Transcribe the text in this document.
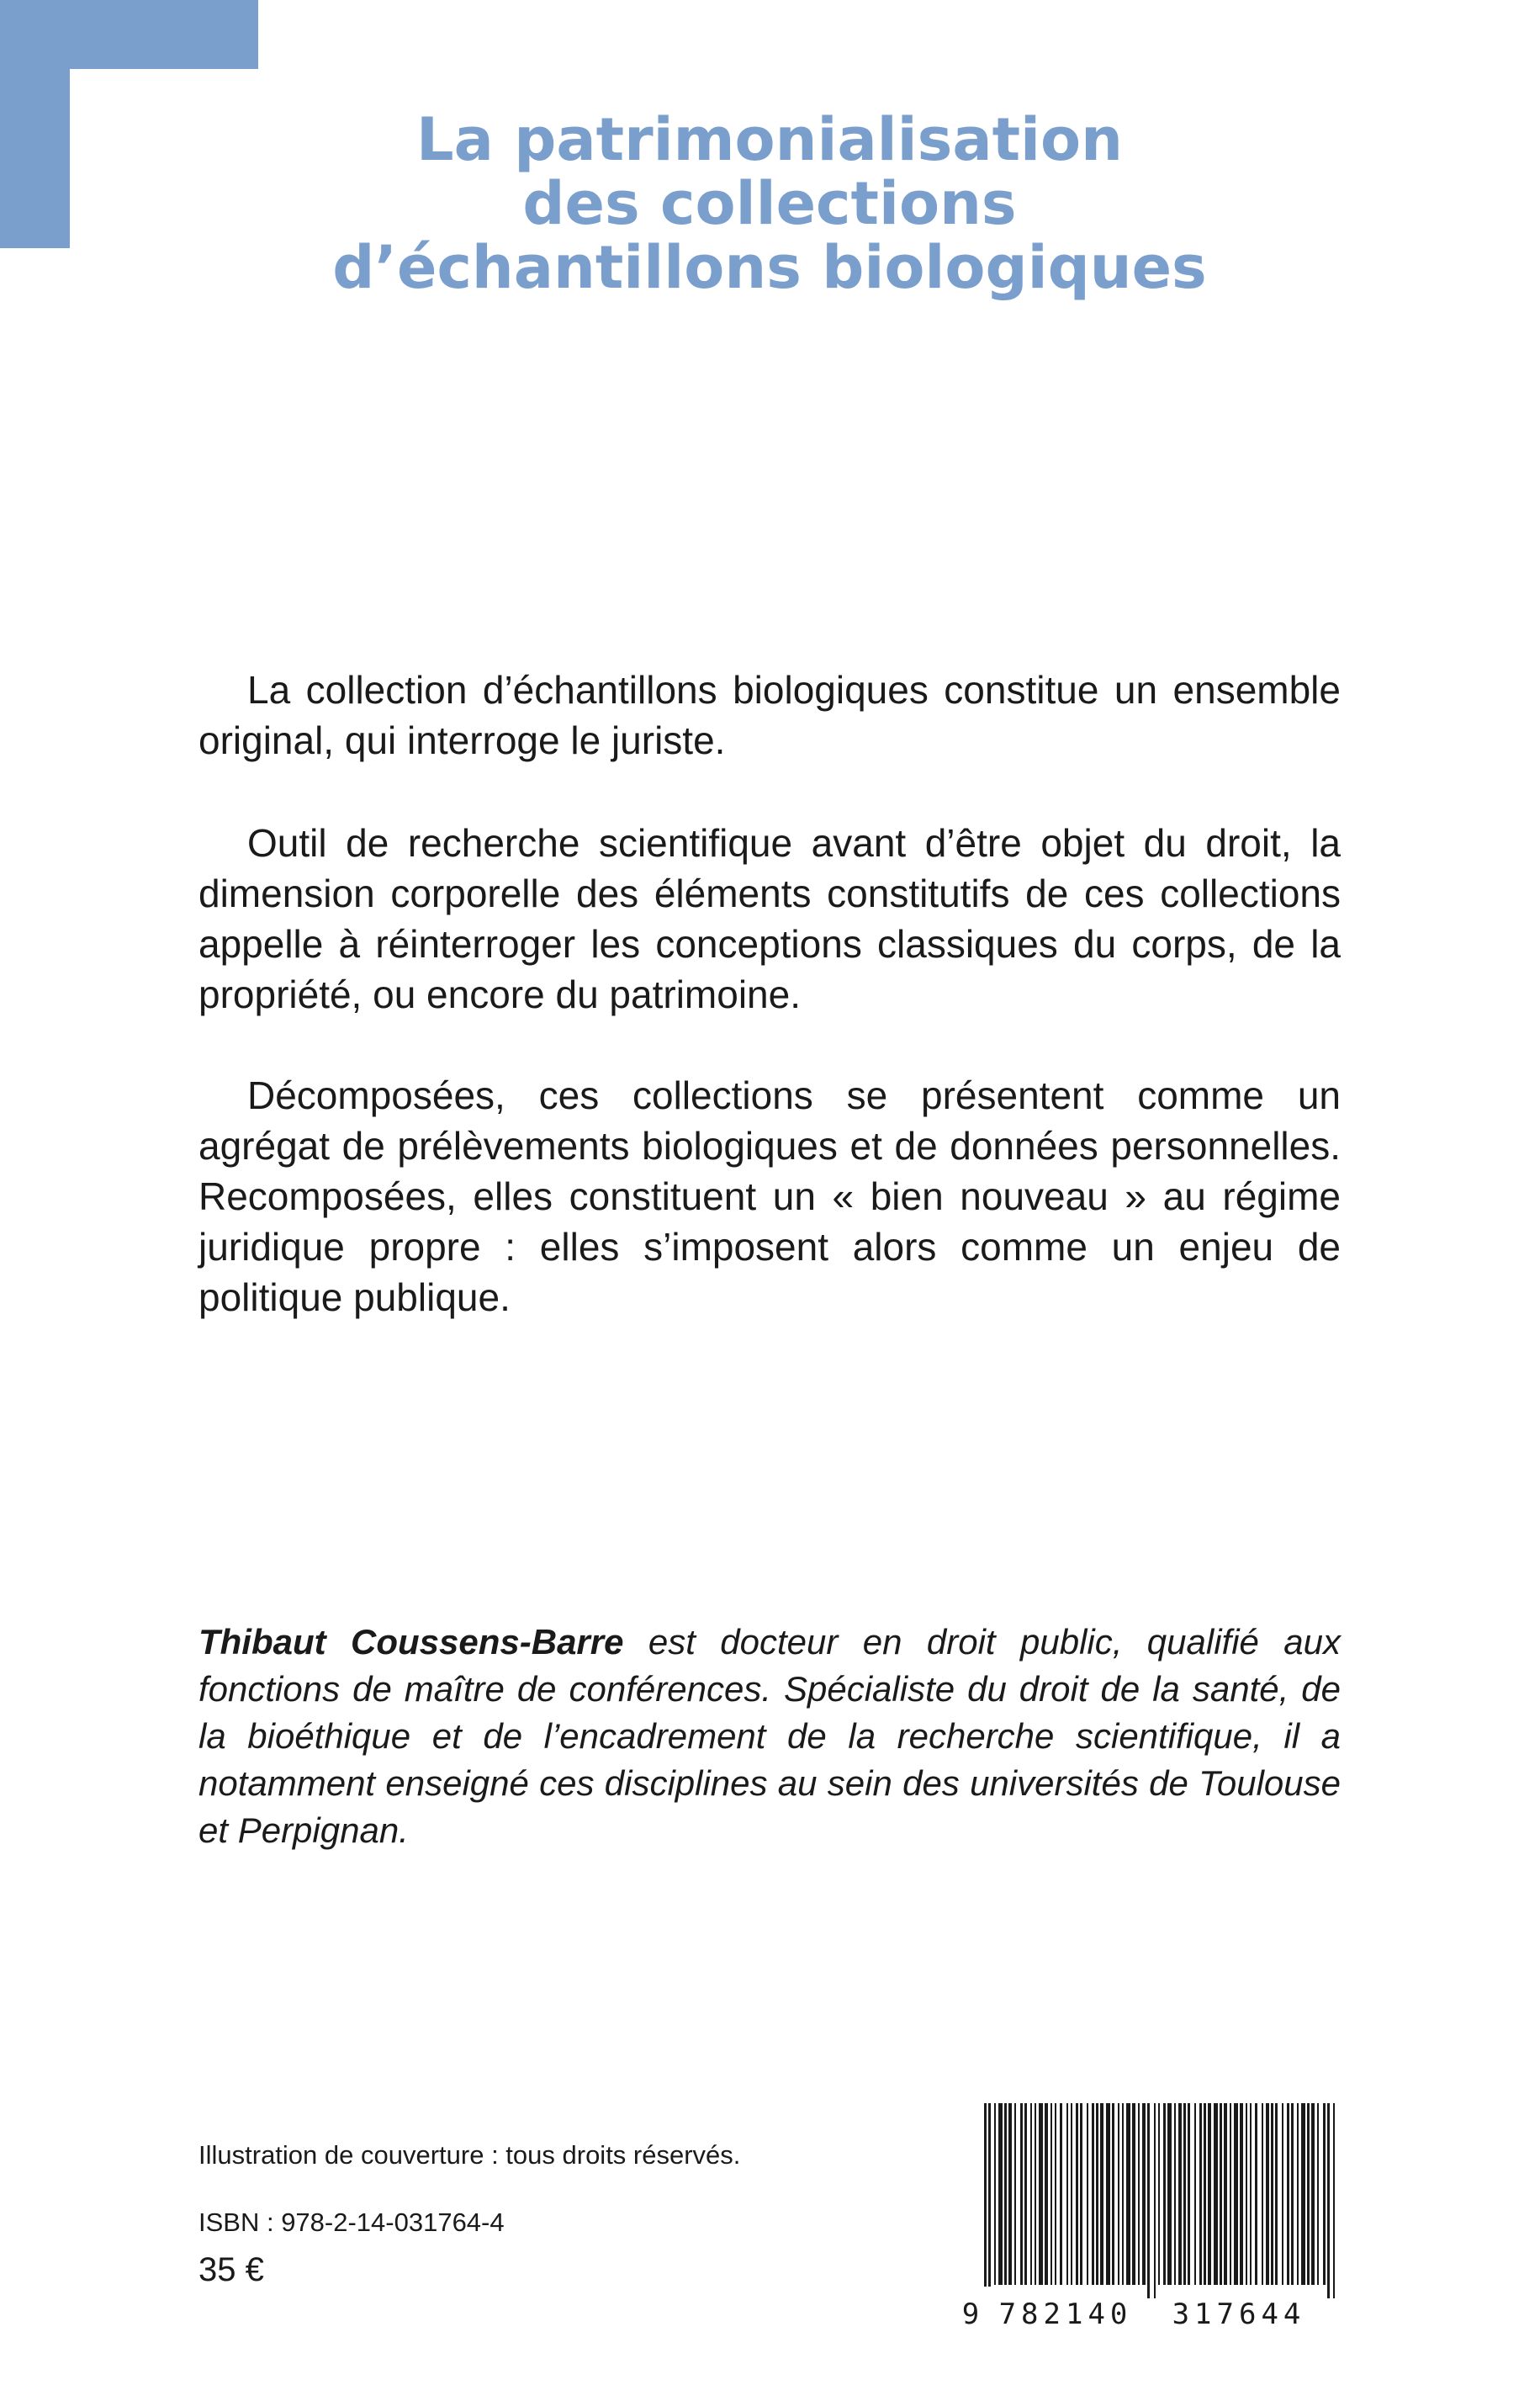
La patrimonialisation
des collections
d’échantillons biologiques

La collection d’échantillons biologiques constitue un ensemble original, qui interroge le juriste.

Outil de recherche scientifique avant d’être objet du droit, la dimension corporelle des éléments constitutifs de ces collections appelle à réinterroger les conceptions classiques du corps, de la propriété, ou encore du patrimoine.

Décomposées, ces collections se présentent comme un agrégat de prélèvements biologiques et de données personnelles. Recomposées, elles constituent un « bien nouveau » au régime juridique propre : elles s’imposent alors comme un enjeu de politique publique.

Thibaut Coussens-Barre est docteur en droit public, qualifié aux fonctions de maître de conférences. Spécialiste du droit de la santé, de la bioéthique et de l’encadrement de la recherche scientifique, il a notamment enseigné ces disciplines au sein des universités de Toulouse et Perpignan.
Illustration de couverture : tous droits réservés.
ISBN : 978-2-14-031764-4
35 €
9 782140 317644
